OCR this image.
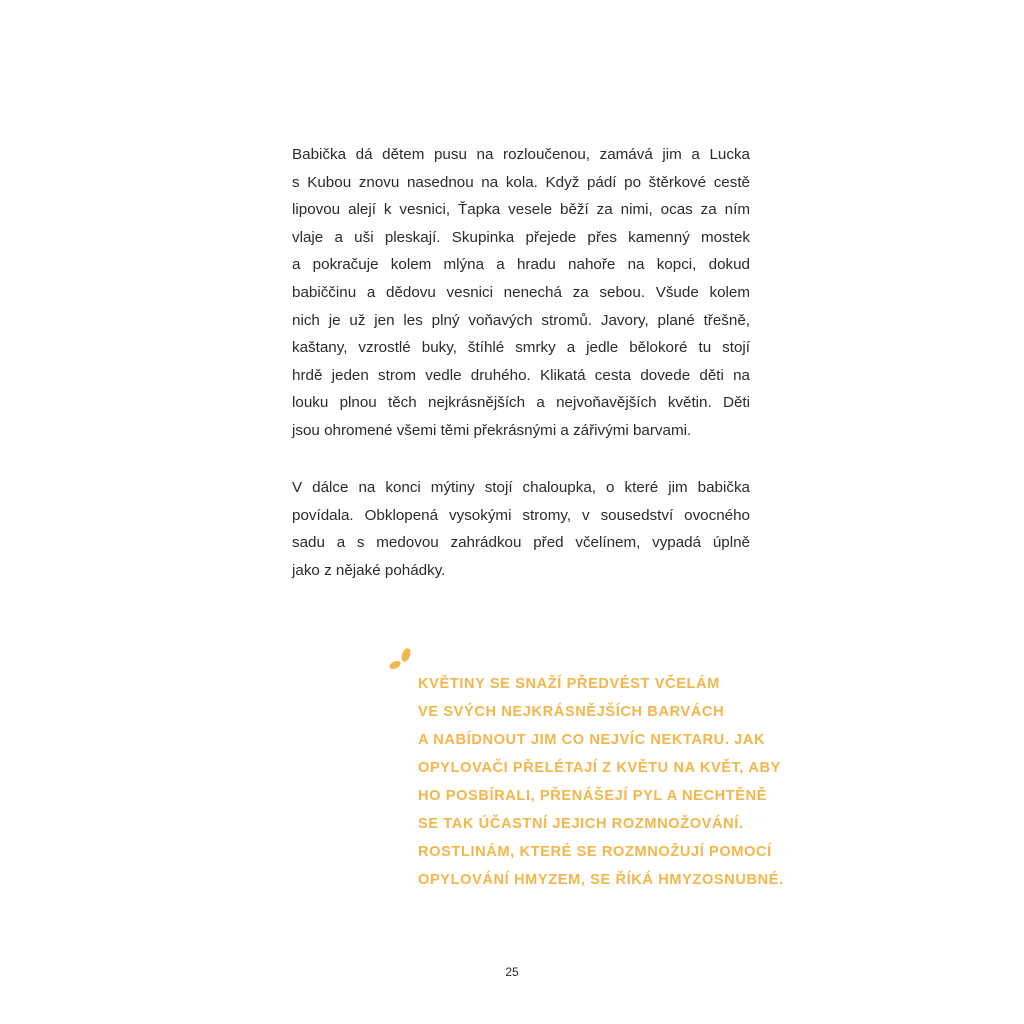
Babička dá dětem pusu na rozloučenou, zamává jim a Lucka
s Kubou znovu nasednou na kola. Když pádí po štěrkové cestě
lipovou alejí k vesnici, Ťapka vesele běží za nimi, ocas za ním
vlaje a uši pleskají. Skupinka přejede přes kamenný mostek
a pokračuje kolem mlýna a hradu nahoře na kopci, dokud
babiččinu a dědovu vesnici nenechá za sebou. Všude kolem
nich je už jen les plný voňavých stromů. Javory, plané třešně,
kaštany, vzrostlé buky, štíhlé smrky a jedle bělokoré tu stojí
hrdě jeden strom vedle druhého. Klikatá cesta dovede děti na
louku plnou těch nejkrásnějších a nejvoňavějších květin. Děti
jsou ohromené všemi těmi překrásnými a zářivými barvami.

V dálce na konci mýtiny stojí chaloupka, o které jim babička
povídala. Obklopená vysokými stromy, v sousedství ovocného
sadu a s medovou zahrádkou před včelínem, vypadá úplně
jako z nějaké pohádky.

KVĚTINY SE SNAŽÍ PŘEDVÉST VČELÁM
VE SVÝCH NEJKRÁSNĚJŠÍCH BARVÁCH
A NABÍDNOUT JIM CO NEJVÍC NEKTARU. JAK
OPYLOVAČI PŘELÉTAJÍ Z KVĚTU NA KVĚT, ABY
HO POSBÍRALI, PŘENÁŠEJÍ PYL A NECHTĚNĚ
SE TAK ÚČASTNÍ JEJICH ROZMNOŽOVÁNÍ.
ROSTLINÁM, KTERÉ SE ROZMNOŽUJÍ POMOCÍ
OPYLOVÁNÍ HMYZEM, SE ŘÍKÁ HMYZOSNUBNÉ.

25
